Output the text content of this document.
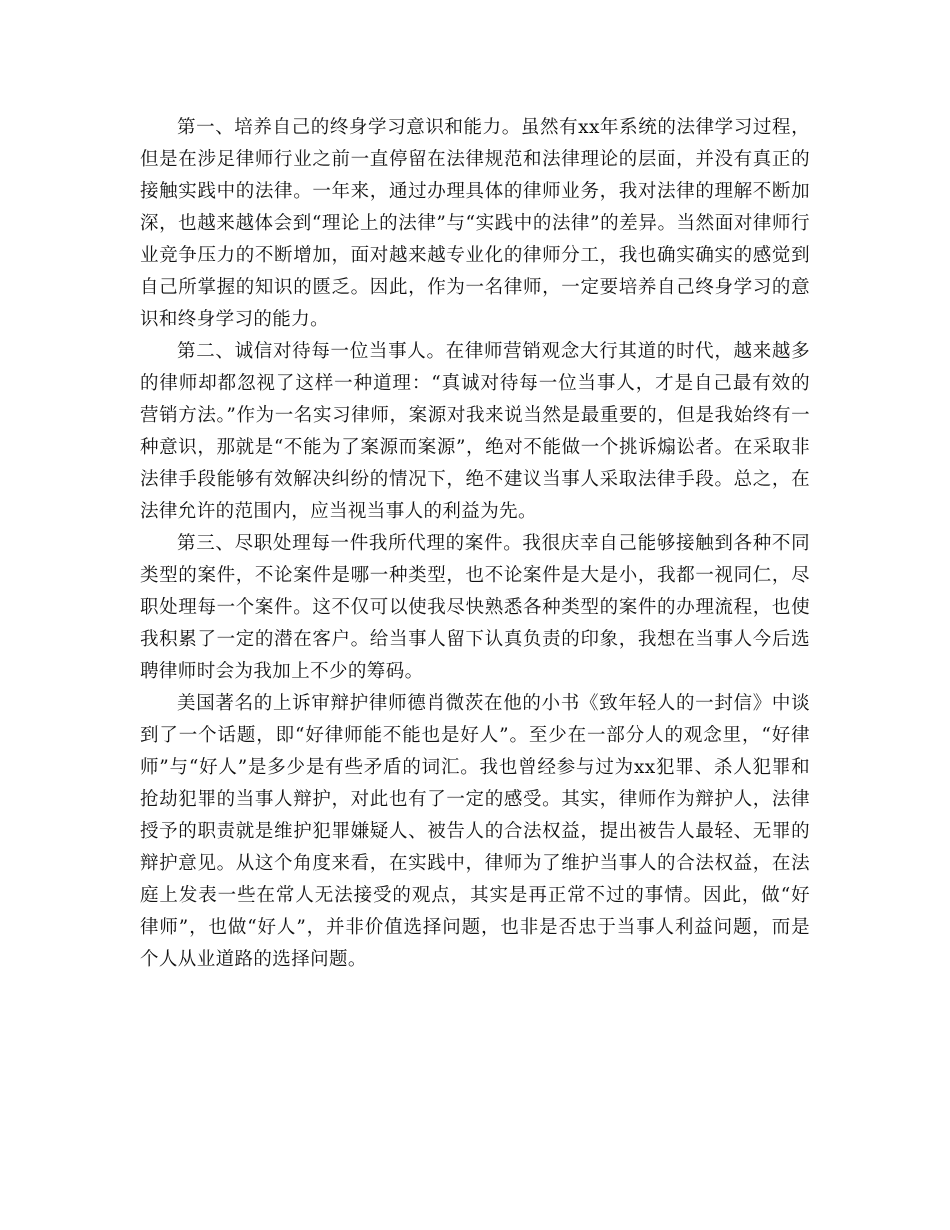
第一、培养自己的终身学习意识和能力。虽然有xx年系统的法律学习过程，但是在涉足律师行业之前一直停留在法律规范和法律理论的层面，并没有真正的接触实践中的法律。一年来，通过办理具体的律师业务，我对法律的理解不断加深，也越来越体会到“理论上的法律”与“实践中的法律”的差异。当然面对律师行业竞争压力的不断增加，面对越来越专业化的律师分工，我也确实确实的感觉到自己所掌握的知识的匮乏。因此，作为一名律师，一定要培养自己终身学习的意识和终身学习的能力。

第二、诚信对待每一位当事人。在律师营销观念大行其道的时代，越来越多的律师却都忽视了这样一种道理：“真诚对待每一位当事人，才是自己最有效的营销方法。”作为一名实习律师，案源对我来说当然是最重要的，但是我始终有一种意识，那就是“不能为了案源而案源”，绝对不能做一个挑诉煽讼者。在采取非法律手段能够有效解决纠纷的情况下，绝不建议当事人采取法律手段。总之，在法律允许的范围内，应当视当事人的利益为先。

第三、尽职处理每一件我所代理的案件。我很庆幸自己能够接触到各种不同类型的案件，不论案件是哪一种类型，也不论案件是大是小，我都一视同仁，尽职处理每一个案件。这不仅可以使我尽快熟悉各种类型的案件的办理流程，也使我积累了一定的潜在客户。给当事人留下认真负责的印象，我想在当事人今后选聘律师时会为我加上不少的筹码。

美国著名的上诉审辩护律师德肖微茨在他的小书《致年轻人的一封信》中谈到了一个话题，即“好律师能不能也是好人”。至少在一部分人的观念里，“好律师”与“好人”是多少是有些矛盾的词汇。我也曾经参与过为xx犯罪、杀人犯罪和抢劫犯罪的当事人辩护，对此也有了一定的感受。其实，律师作为辩护人，法律授予的职责就是维护犯罪嫌疑人、被告人的合法权益，提出被告人最轻、无罪的辩护意见。从这个角度来看，在实践中，律师为了维护当事人的合法权益，在法庭上发表一些在常人无法接受的观点，其实是再正常不过的事情。因此，做“好律师”，也做“好人”，并非价值选择问题，也非是否忠于当事人利益问题，而是个人从业道路的选择问题。
